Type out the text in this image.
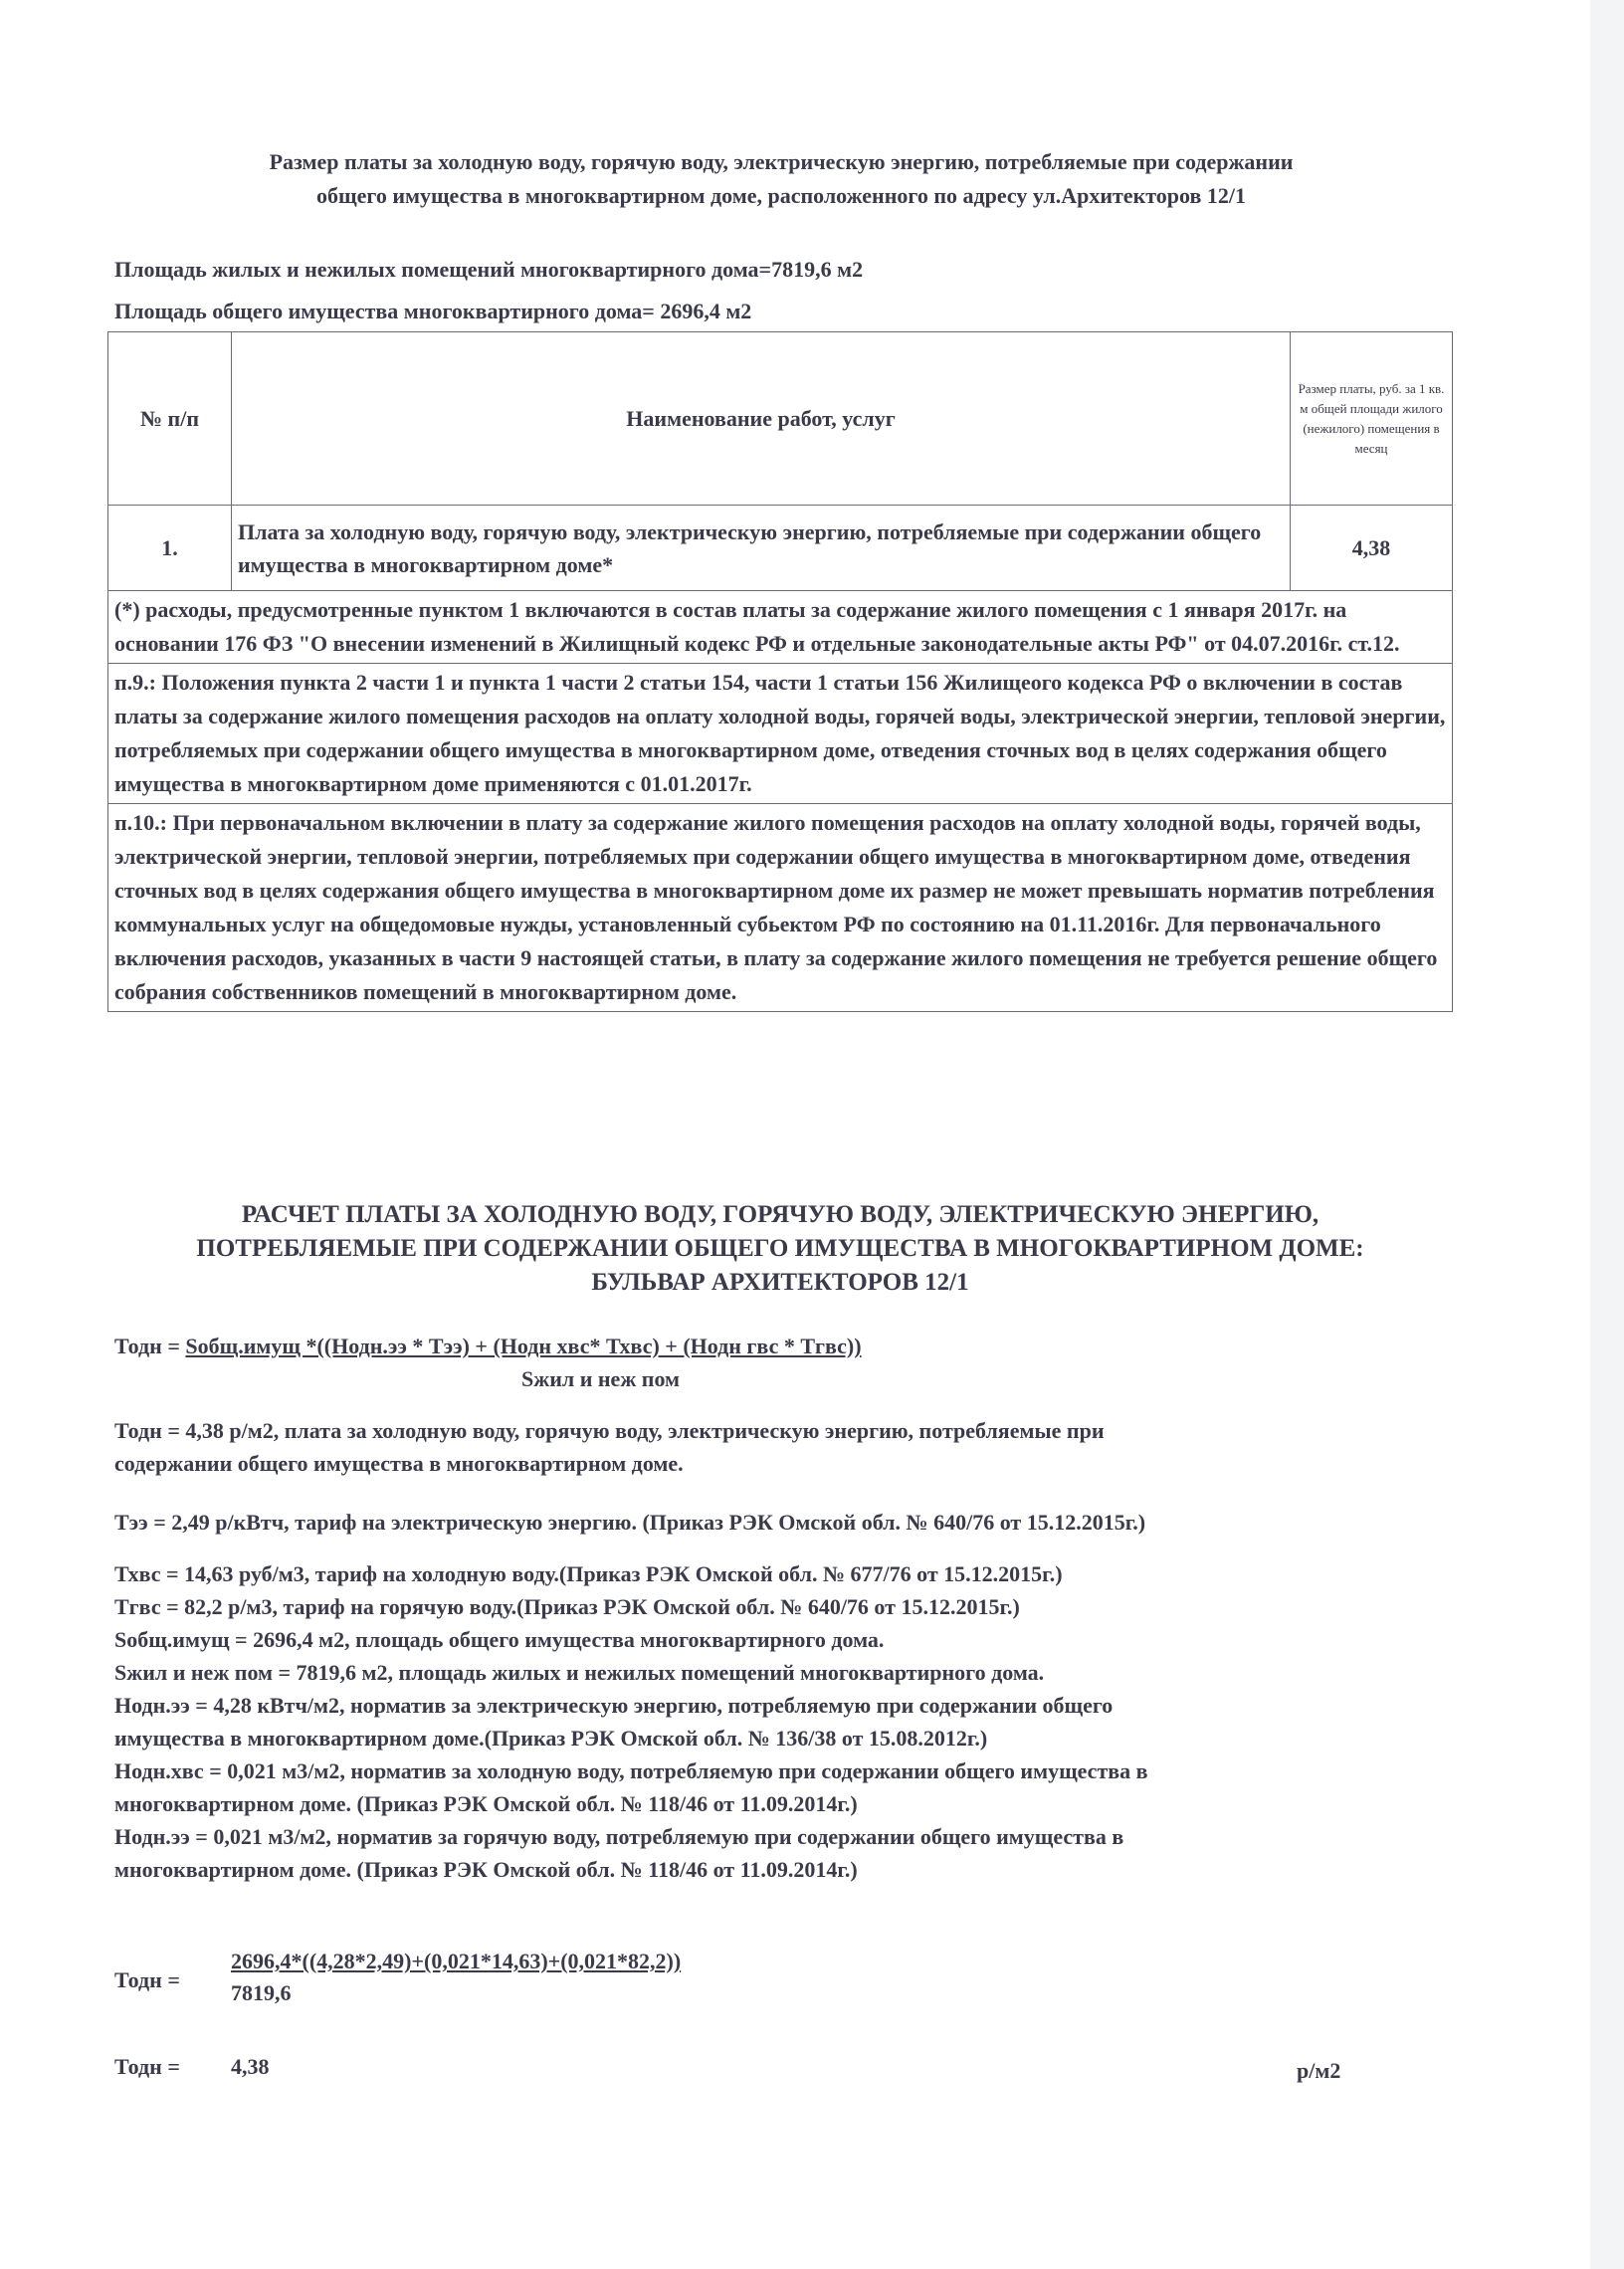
Размер платы за холодную воду, горячую воду, электрическую энергию, потребляемые при содержании
общего имущества в многоквартирном доме, расположенного по адресу ул.Архитекторов 12/1
Площадь жилых и нежилых помещений многоквартирного дома=7819,6 м2
Площадь общего имущества многоквартирного дома= 2696,4 м2
№ п/п	Наименование работ, услуг	Размер платы, руб. за 1 кв. м общей площади жилого (нежилого) помещения в месяц

1.	Плата за холодную воду, горячую воду, электрическую энергию, потребляемые при содержании общего имущества в многоквартирном доме*	4,38
(*) расходы, предусмотренные пунктом 1 включаются в состав платы за содержание жилого помещения с 1 января 2017г. на основании 176 ФЗ "О внесении изменений в Жилищный кодекс РФ и отдельные законодательные акты РФ" от 04.07.2016г. ст.12.		
п.9.: Положения пункта 2 части 1 и пункта 1 части 2 статьи 154, части 1 статьи 156 Жилищеого кодекса РФ о включении в состав платы за содержание жилого помещения расходов на оплату холодной воды, горячей воды, электрической энергии, тепловой энергии, потребляемых при содержании общего имущества в многоквартирном доме, отведения сточных вод в целях содержания общего имущества в многоквартирном доме применяются с 01.01.2017г.		
п.10.: При первоначальном включении в плату за содержание жилого помещения расходов на оплату холодной воды, горячей воды, электрической энергии, тепловой энергии, потребляемых при содержании общего имущества в многоквартирном доме, отведения сточных вод в целях содержания общего имущества в многоквартирном доме их размер не может превышать норматив потребления коммунальных услуг на общедомовые нужды, установленный субьектом РФ по состоянию на 01.11.2016г. Для первоначального включения расходов, указанных в части 9 настоящей статьи, в плату за содержание жилого помещения не требуется решение общего собрания собственников помещений в многоквартирном доме.		
РАСЧЕТ ПЛАТЫ ЗА ХОЛОДНУЮ ВОДУ, ГОРЯЧУЮ ВОДУ, ЭЛЕКТРИЧЕСКУЮ ЭНЕРГИЮ,
ПОТРЕБЛЯЕМЫЕ ПРИ СОДЕРЖАНИИ ОБЩЕГО ИМУЩЕСТВА В МНОГОКВАРТИРНОМ ДОМЕ:
БУЛЬВАР АРХИТЕКТОРОВ 12/1
Тодн = Sобщ.имущ *((Нодн.ээ * Тээ) + (Нодн хвс* Тхвс) + (Нодн гвс * Тгвс))
Sжил и неж пом
Тодн = 4,38 р/м2, плата за холодную воду, горячую воду, электрическую энергию, потребляемые при
содержании общего имущества в многоквартирном доме.
Тээ = 2,49 р/кВтч, тариф на электрическую энергию. (Приказ РЭК Омской обл. № 640/76 от 15.12.2015г.)
Тхвс = 14,63 руб/м3, тариф на холодную воду.(Приказ РЭК Омской обл. № 677/76 от 15.12.2015г.)
Тгвс = 82,2 р/м3, тариф на горячую воду.(Приказ РЭК Омской обл. № 640/76 от 15.12.2015г.)
Sобщ.имущ = 2696,4 м2, площадь общего имущества многоквартирного дома.
Sжил и неж пом = 7819,6 м2, площадь жилых и нежилых помещений многоквартирного дома.
Нодн.ээ = 4,28 кВтч/м2, норматив за электрическую энергию, потребляемую при содержании общего
имущества в многоквартирном доме.(Приказ РЭК Омской обл. № 136/38 от 15.08.2012г.)
Нодн.хвс = 0,021 м3/м2, норматив за холодную воду, потребляемую при содержании общего имущества в
многоквартирном доме. (Приказ РЭК Омской обл. № 118/46 от 11.09.2014г.)
Нодн.ээ = 0,021 м3/м2, норматив за горячую воду, потребляемую при содержании общего имущества в
многоквартирном доме. (Приказ РЭК Омской обл. № 118/46 от 11.09.2014г.)
Тодн =
2696,4*((4,28*2,49)+(0,021*14,63)+(0,021*82,2))
7819,6
Тодн =	4,38	р/м2
